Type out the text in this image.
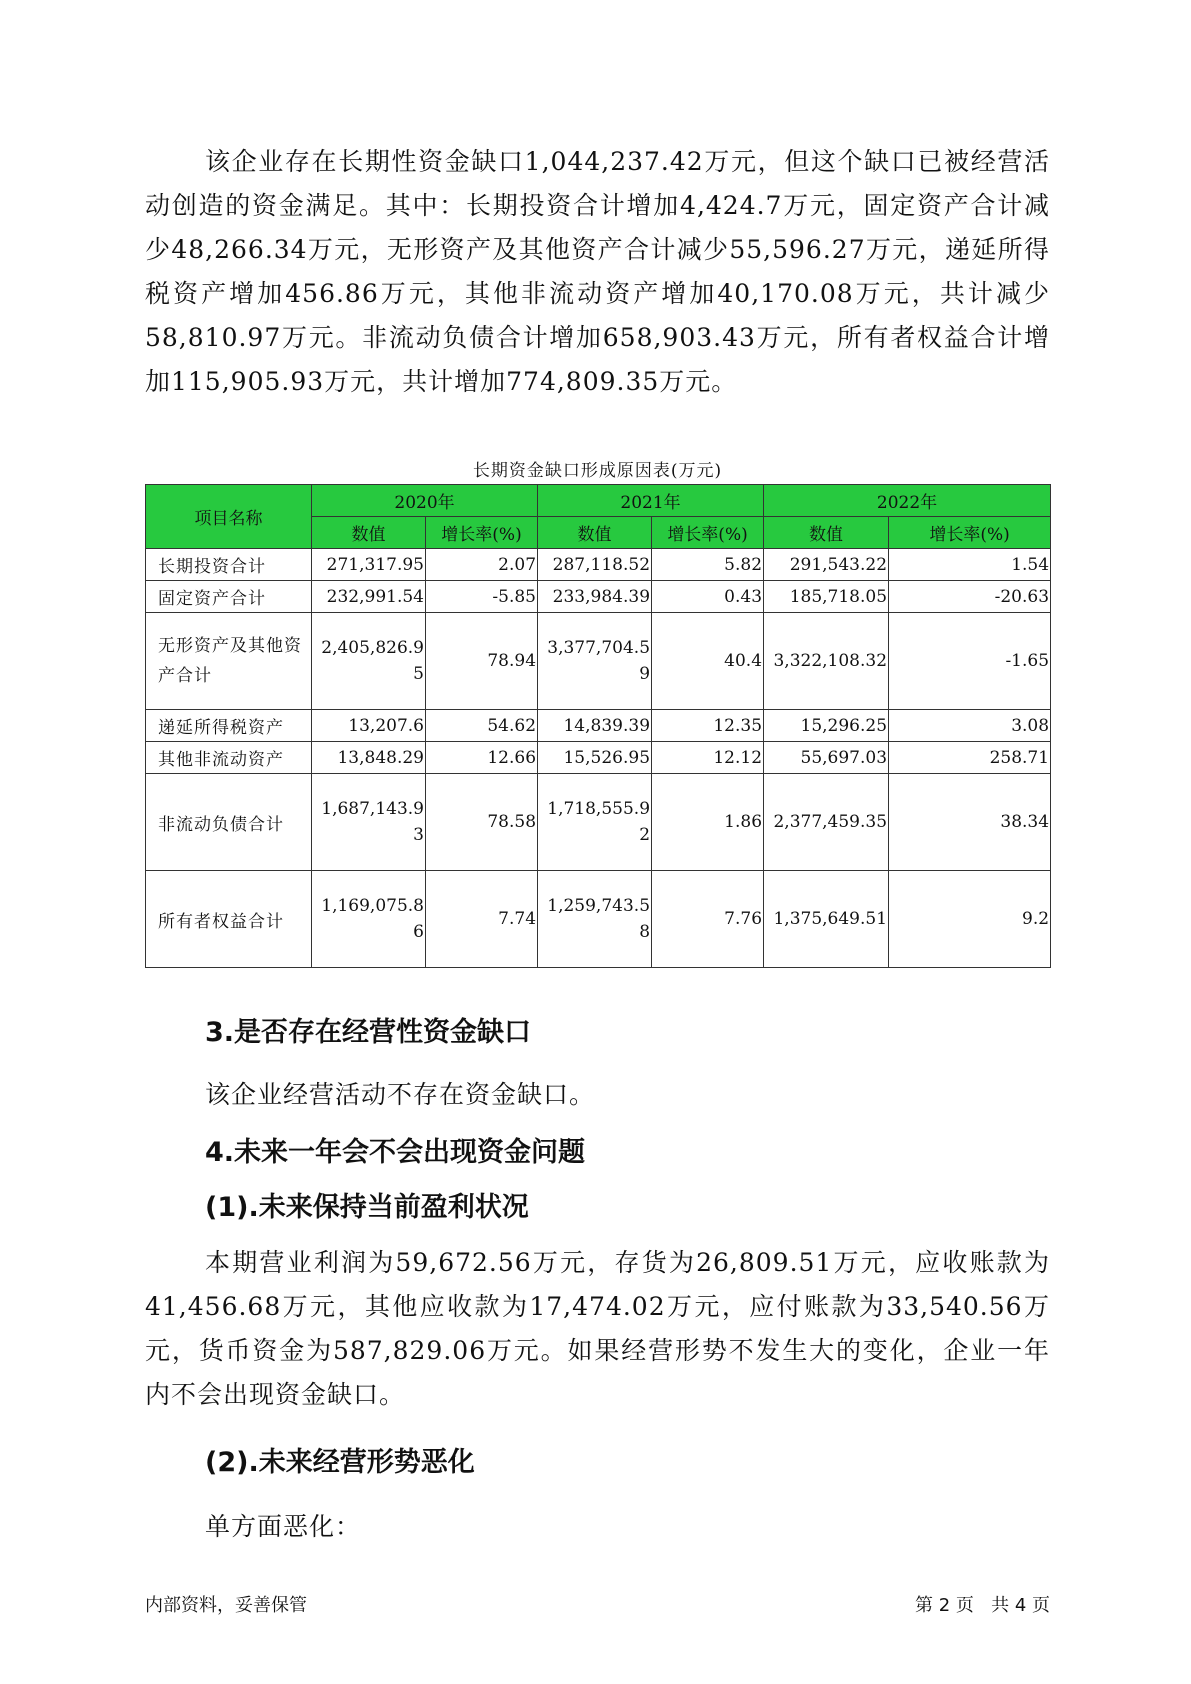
该企业存在长期性资金缺口1,044,237.42万元，但这个缺口已被经营活动创造的资金满足。其中：长期投资合计增加4,424.7万元，固定资产合计减少48,266.34万元，无形资产及其他资产合计减少55,596.27万元，递延所得税资产增加456.86万元，其他非流动资产增加40,170.08万元，共计减少58,810.97万元。非流动负债合计增加658,903.43万元，所有者权益合计增加115,905.93万元，共计增加774,809.35万元。

长期资金缺口形成原因表(万元)
项目名称	2020年		2021年		2022年	
	数值	增长率(%)	数值	增长率(%)	数值	增长率(%)
长期投资合计	271,317.95	2.07	287,118.52	5.82	291,543.22	1.54
固定资产合计	232,991.54	-5.85	233,984.39	0.43	185,718.05	-20.63
无形资产及其他资产合计	2,405,826.95	78.94	3,377,704.59	40.4	3,322,108.32	-1.65
递延所得税资产	13,207.6	54.62	14,839.39	12.35	15,296.25	3.08
其他非流动资产	13,848.29	12.66	15,526.95	12.12	55,697.03	258.71
非流动负债合计	1,687,143.93	78.58	1,718,555.92	1.86	2,377,459.35	38.34
所有者权益合计	1,169,075.86	7.74	1,259,743.58	7.76	1,375,649.51	9.2
3.是否存在经营性资金缺口

该企业经营活动不存在资金缺口。

4.未来一年会不会出现资金问题
(1).未来保持当前盈利状况

本期营业利润为59,672.56万元，存货为26,809.51万元，应收账款为41,456.68万元，其他应收款为17,474.02万元，应付账款为33,540.56万元，货币资金为587,829.06万元。如果经营形势不发生大的变化，企业一年内不会出现资金缺口。

(2).未来经营形势恶化

单方面恶化：

内部资料，妥善保管	第 2 页   共 4 页
